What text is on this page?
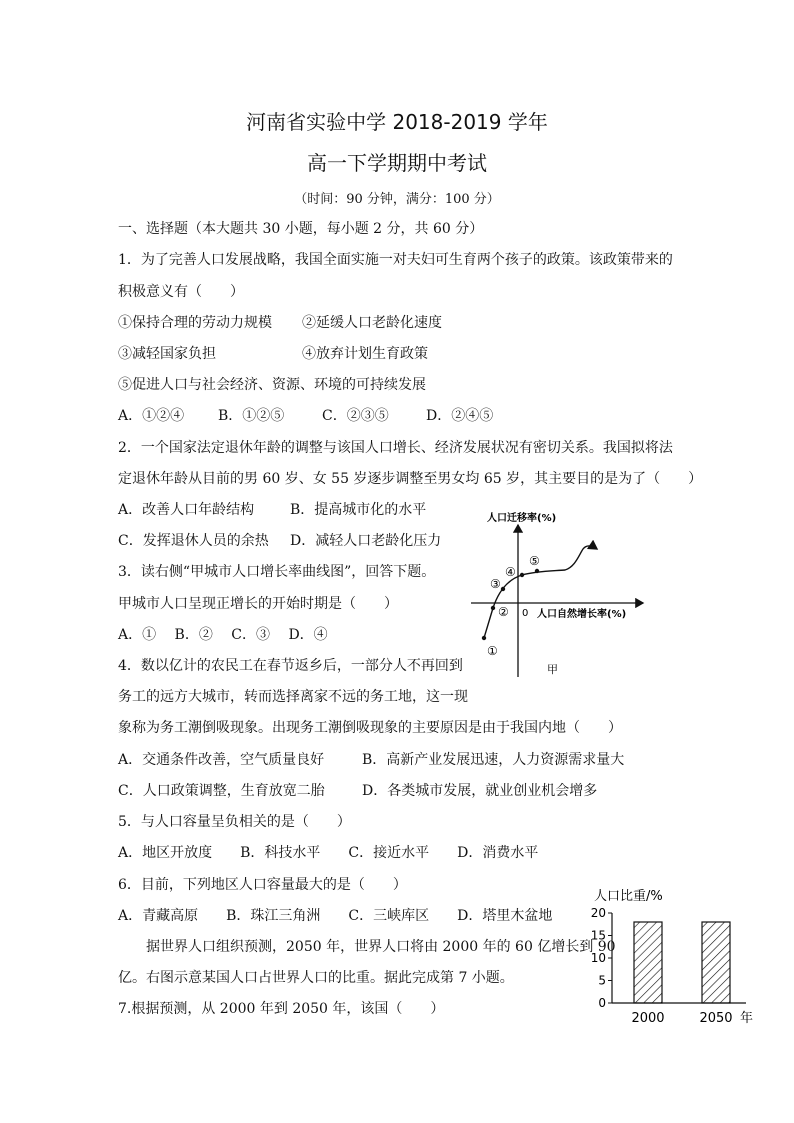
河南省实验中学 2018-2019 学年
高一下学期期中考试
（时间：90 分钟，满分：100 分）
一、选择题（本大题共 30 小题，每小题 2 分，共 60 分）
1．为了完善人口发展战略，我国全面实施一对夫妇可生育两个孩子的政策。该政策带来的
积极意义有（　　）
①保持合理的劳动力规模 ②延缓人口老龄化速度
③减轻国家负担	④放弃计划生育政策
⑤促进人口与社会经济、资源、环境的可持续发展
A．①②④ B．①②⑤	C．②③⑤	D．②④⑤
2．一个国家法定退休年龄的调整与该国人口增长、经济发展状况有密切关系。我国拟将法
定退休年龄从目前的男 60 岁、女 55 岁逐步调整至男女均 65 岁，其主要目的是为了（　　）
A．改善人口年龄结构	B．提高城市化的水平
C．发挥退休人员的余热 D．减轻人口老龄化压力
3．读右侧“甲城市人口增长率曲线图”，回答下题。
甲城市人口呈现正增长的开始时期是（　　）
A．①　 B．②　 C．③　 D．④
4．数以亿计的农民工在春节返乡后，一部分人不再回到
务工的远方大城市，转而选择离家不远的务工地，这一现
象称为务工潮倒吸现象。出现务工潮倒吸现象的主要原因是由于我国内地（　　）
A．交通条件改善，空气质量良好	B．高新产业发展迅速，人力资源需求量大
C．人口政策调整，生育放宽二胎	D．各类城市发展，就业创业机会增多
5．与人口容量呈负相关的是（　　）
A．地区开放度　　B．科技水平　　C．接近水平　　D．消费水平
6．目前，下列地区人口容量最大的是（　　）
A．青藏高原　　B．珠江三角洲　　C．三峡库区　　D．塔里木盆地
据世界人口组织预测，2050 年，世界人口将由 2000 年的 60 亿增长到 90
亿。右图示意某国人口占世界人口的比重。据此完成第 7 小题。
7.根据预测，从 2000 年到 2050 年，该国（　　）
人口迁移率(%)
人口自然增长率(%)
0
①
②
③
④
⑤
甲
人口比重/%
年
0
5
10
15
20
2000	2050
